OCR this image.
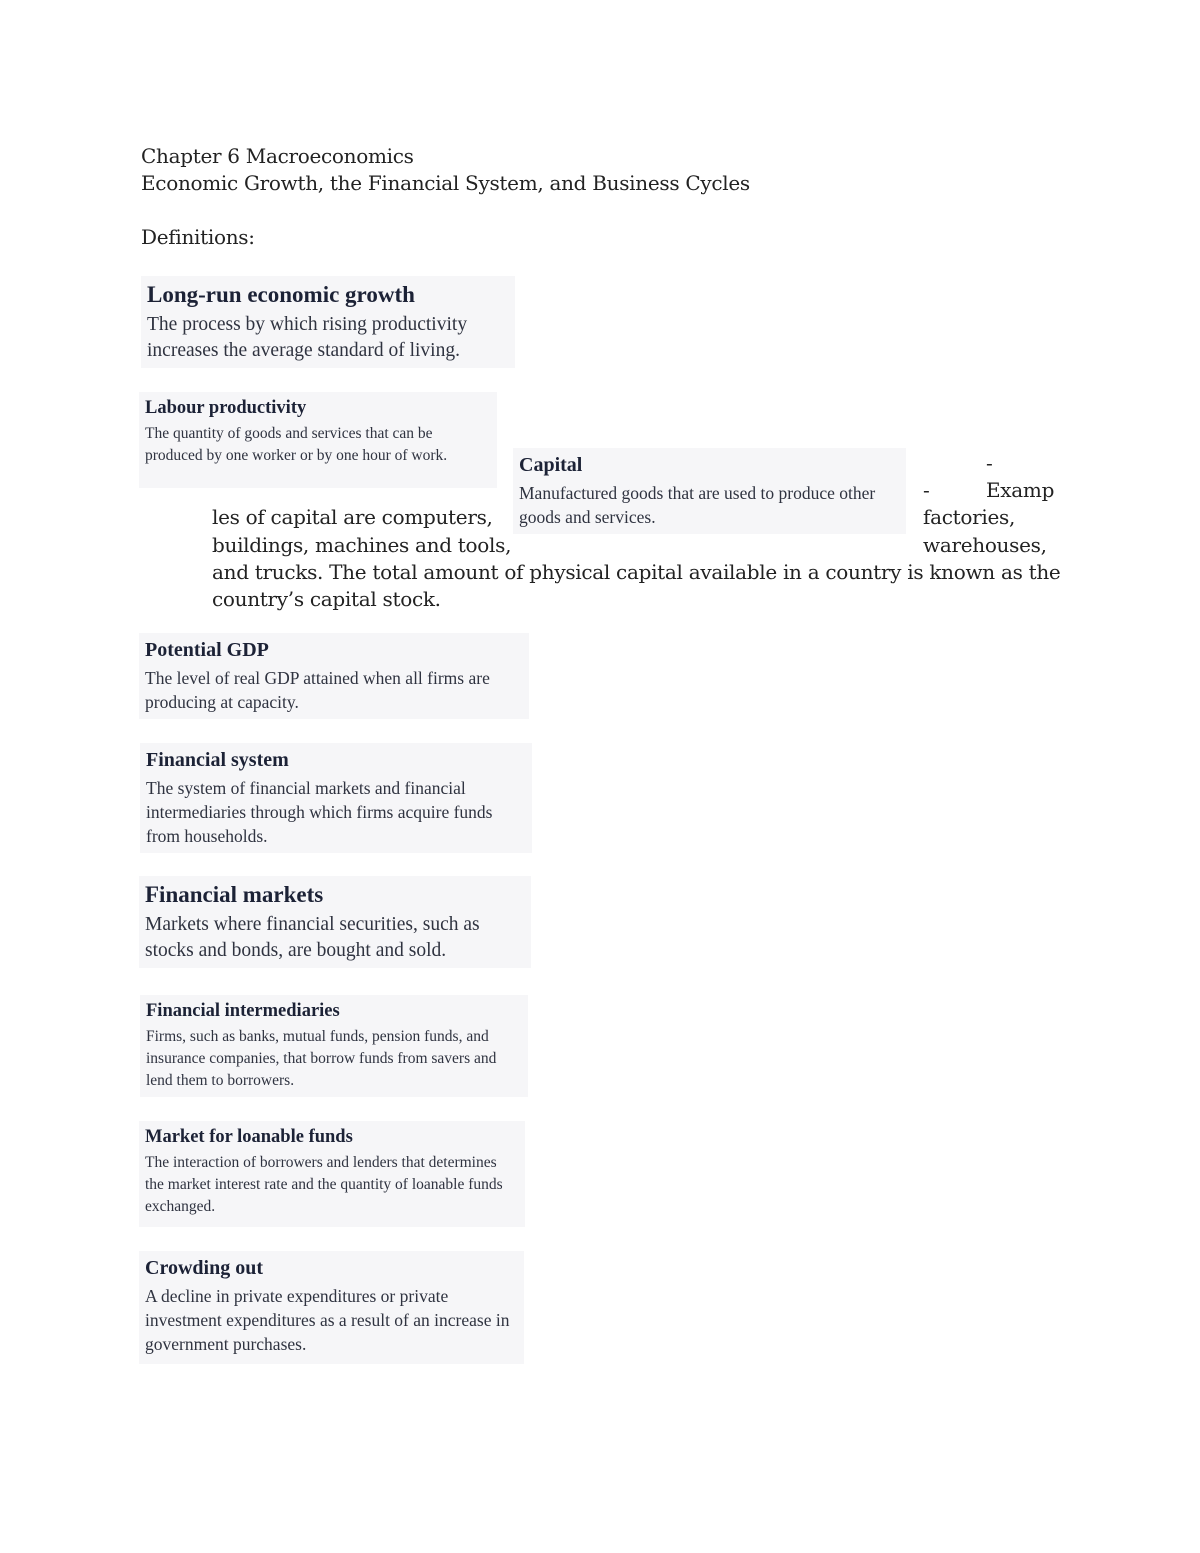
Chapter 6 Macroeconomics
Economic Growth, the Financial System, and Business Cycles
Definitions:
Long-run economic growth
The process by which rising productivity increases the average standard of living.
Labour productivity
The quantity of goods and services that can be produced by one worker or by one hour of work.	Capital
Manufactured goods that are used to produce other goods and services.
-
-	Examp
les of capital are computers,	factories,
buildings, machines and tools,	warehouses,
and trucks. The total amount of physical capital available in a country is known as the
country’s capital stock.
Potential GDP
The level of real GDP attained when all firms are producing at capacity.
Financial system
The system of financial markets and financial intermediaries through which firms acquire funds from households.
Financial markets
Markets where financial securities, such as stocks and bonds, are bought and sold.
Financial intermediaries
Firms, such as banks, mutual funds, pension funds, and insurance companies, that borrow funds from savers and lend them to borrowers.
Market for loanable funds
The interaction of borrowers and lenders that determines the market interest rate and the quantity of loanable funds exchanged.
Crowding out
A decline in private expenditures or private investment expenditures as a result of an increase in government purchases.
